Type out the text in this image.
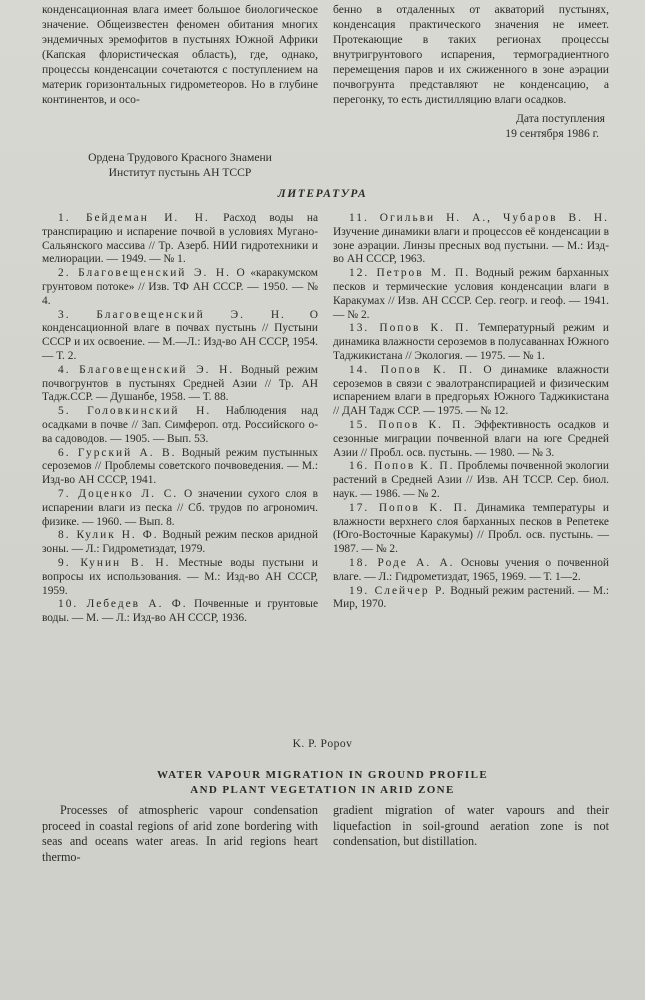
конденсационная влага имеет большое биологическое значение. Общеизвестен феномен обитания многих эндемичных эремофитов в пустынях Южной Африки (Капская флористическая область), где, однако, процессы конденсации сочетаются с поступлением на материк горизонтальных гидрометеоров. Но в глубине континентов, и осо-

бенно в отдаленных от акваторий пустынях, конденсация практического значения не имеет. Протекающие в таких регионах процессы внутригрунтового испарения, термоградиентного перемещения паров и их сжиженного в зоне аэрации почвогрунта представляют не конденсацию, а перегонку, то есть дистилляцию влаги осадков.

Дата поступления

19 сентября 1986 г.

Ордена Трудового Красного Знамени

Институт пустынь АН ТССР

ЛИТЕРАТУРА

1. Бейдеман И. Н. Расход воды на транспирацию и испарение почвой в условиях Мугано-Сальянского массива // Тр. Азерб. НИИ гидротехники и мелиорации. — 1949. — № 1.

2. Благовещенский Э. Н. О «каракумском грунтовом потоке» // Изв. ТФ АН СССР. — 1950. — № 4.

3. Благовещенский Э. Н. О конденсационной влаге в почвах пустынь // Пустыни СССР и их освоение. — М.—Л.: Изд-во АН СССР, 1954. — Т. 2.

4. Благовещенский Э. Н. Водный режим почвогрунтов в пустынях Средней Азии // Тр. АН Тадж.ССР. — Душанбе, 1958. — Т. 88.

5. Головкинский Н. Наблюдения над осадками в почве // Зап. Симфероп. отд. Российского о-ва садоводов. — 1905. — Вып. 53.

6. Гурский А. В. Водный режим пустынных сероземов // Проблемы советского почвоведения. — М.: Изд-во АН СССР, 1941.

7. Доценко Л. С. О значении сухого слоя в испарении влаги из песка // Сб. трудов по агрономич. физике. — 1960. — Вып. 8.

8. Кулик Н. Ф. Водный режим песков аридной зоны. — Л.: Гидрометиздат, 1979.

9. Кунин В. Н. Местные воды пустыни и вопросы их использования. — М.: Изд-во АН СССР, 1959.

10. Лебедев А. Ф. Почвенные и грунтовые воды. — М. — Л.: Изд-во АН СССР, 1936.

11. Огильви Н. А., Чубаров В. Н. Изучение динамики влаги и процессов её конденсации в зоне аэрации. Линзы пресных вод пустыни. — М.: Изд-во АН СССР, 1963.

12. Петров М. П. Водный режим барханных песков и термические условия конденсации влаги в Каракумах // Изв. АН СССР. Сер. геогр. и геоф. — 1941. — № 2.

13. Попов К. П. Температурный режим и динамика влажности сероземов в полусаваннах Южного Таджикистана // Экология. — 1975. — № 1.

14. Попов К. П. О динамике влажности сероземов в связи с эвалотранспирацией и физическим испарением влаги в предгорьях Южного Таджикистана // ДАН Тадж ССР. — 1975. — № 12.

15. Попов К. П. Эффективность осадков и сезонные миграции почвенной влаги на юге Средней Азии // Пробл. осв. пустынь. — 1980. — № 3.

16. Попов К. П. Проблемы почвенной экологии растений в Средней Азии // Изв. АН ТССР. Сер. биол. наук. — 1986. — № 2.

17. Попов К. П. Динамика температуры и влажности верхнего слоя барханных песков в Репетеке (Юго-Восточные Каракумы) // Пробл. осв. пустынь. — 1987. — № 2.

18. Роде А. А. Основы учения о почвенной влаге. — Л.: Гидрометиздат, 1965, 1969. — Т. 1—2.

19. Слейчер Р. Водный режим растений. — М.: Мир, 1970.

K. P. Popov

WATER VAPOUR MIGRATION IN GROUND PROFILE
AND PLANT VEGETATION IN ARID ZONE

Processes of atmospheric vapour condensation proceed in coastal regions of arid zone bordering with seas and oceans water areas. In arid regions heart thermo-

gradient migration of water vapours and their liquefaction in soil-ground aeration zone is not condensation, but distillation.
